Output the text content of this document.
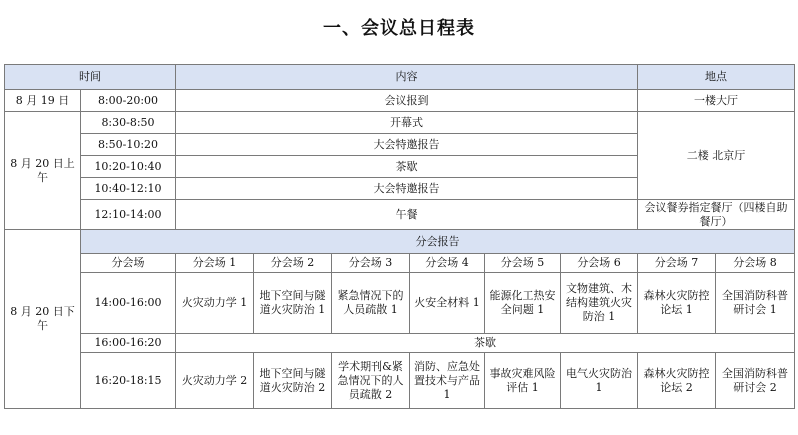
一、会议总日程表
时间		内容						地点	
8 月 19 日	8:00-20:00	会议报到						一楼大厅	
8 月 20 日上午	8:30-8:50	开幕式						二楼 北京厅	
	8:50-10:20	大会特邀报告							
	10:20-10:40	茶歇							
	10:40-12:10	大会特邀报告							
	12:10-14:00	午餐						会议餐券指定餐厅（四楼自助餐厅）	
8 月 20 日下午	分会报告								
	分会场	分会场 1	分会场 2	分会场 3	分会场 4	分会场 5	分会场 6	分会场 7	分会场 8
	14:00-16:00	火灾动力学 1	地下空间与隧道火灾防治 1	紧急情况下的人员疏散 1	火安全材料 1	能源化工热安全问题 1	文物建筑、木结构建筑火灾防治 1	森林火灾防控论坛 1	全国消防科普研讨会 1
	16:00-16:20	茶歇							
	16:20-18:15	火灾动力学 2	地下空间与隧道火灾防治 2	学术期刊&紧急情况下的人员疏散 2	消防、应急处置技术与产品 1	事故灾难风险评估 1	电气火灾防治 1	森林火灾防控论坛 2	全国消防科普研讨会 2
